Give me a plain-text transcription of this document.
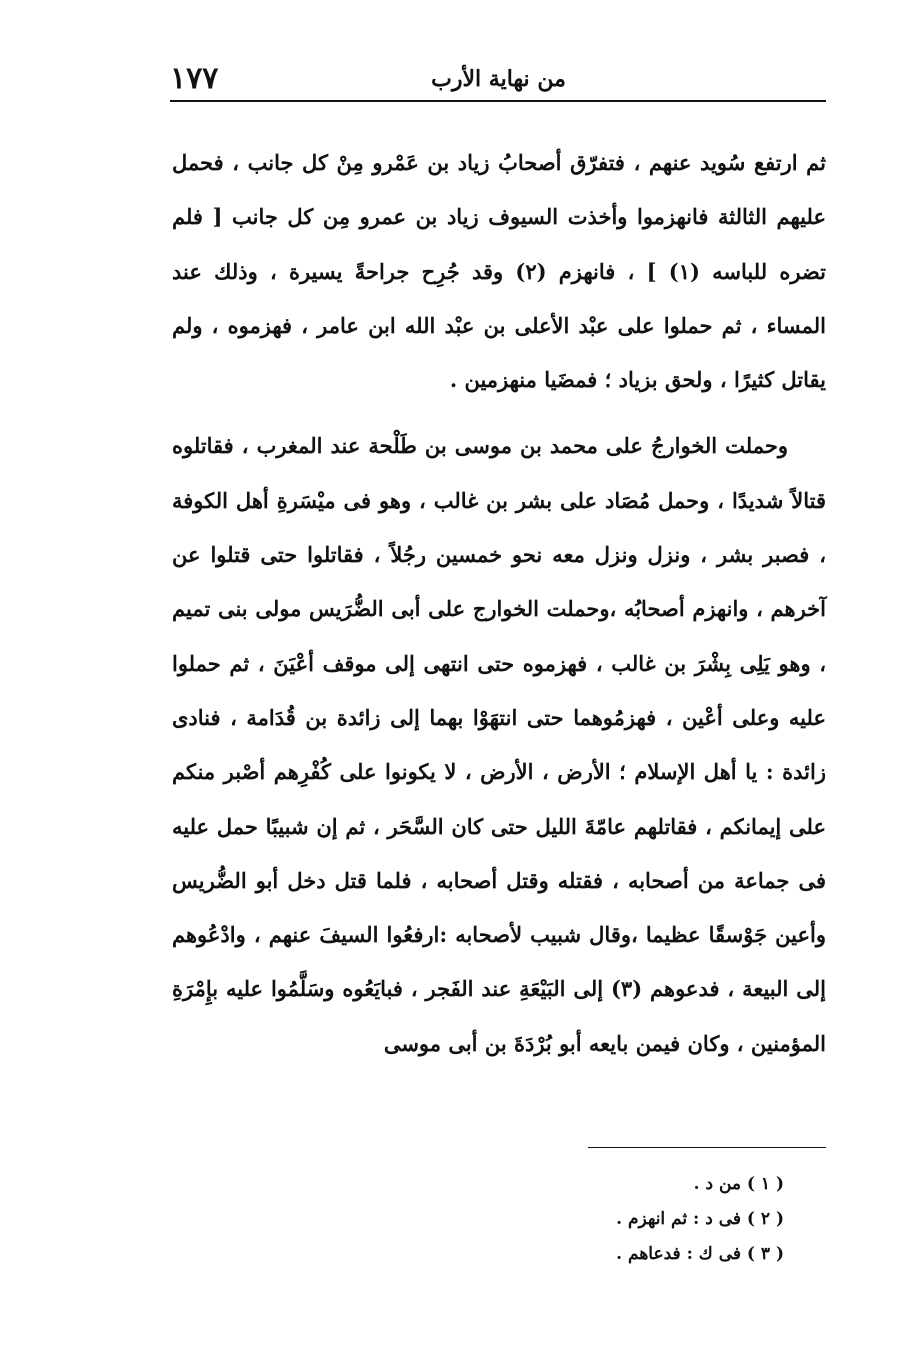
١٧٧	من نهاية الأرب

ثم ارتفع سُويد عنهم ، فتفرّق أصحابُ زياد بن عَمْرو مِنْ كل جانب ، فحمل عليهم الثالثة فانهزموا وأخذت السيوف زياد بن عمرو مِن كل جانب [ فلم تضره للباسه (١) ] ، فانهزم (٢) وقد جُرِح جراحةً يسيرة ، وذلك عند المساء ، ثم حملوا على عبْد الأعلى بن عبْد الله ابن عامر ، فهزموه ، ولم يقاتل كثيرًا ، ولحق بزياد ؛ فمضَيا منهزمين .

وحملت الخوارجُ على محمد بن موسى بن طَلْحة عند المغرب ، فقاتلوه قتالاً شديدًا ، وحمل مُصَاد على بشر بن غالب ، وهو فى ميْسَرةِ أهل الكوفة ، فصبر بشر ، ونزل ونزل معه نحو خمسين رجُلاً ، فقاتلوا حتى قتلوا عن آخرهم ، وانهزم أصحابُه ،وحملت الخوارج على أبى الضُّرَيس مولى بنى تميم ، وهو يَلِى بِشْرَ بن غالب ، فهزموه حتى انتهى إلى موقف أعْيَنَ ، ثم حملوا عليه وعلى أعْين ، فهزمُوهما حتى انتهَوْا بهما إلى زائدة بن قُدَامة ، فنادى زائدة : يا أهل الإسلام ؛ الأرض ، الأرض ، لا يكونوا على كُفْرِهم أصْبر منكم على إيمانكم ، فقاتلهم عامّةَ الليل حتى كان السَّحَر ، ثم إن شبيبًا حمل عليه فى جماعة من أصحابه ، فقتله وقتل أصحابه ، فلما قتل دخل أبو الضُّريس وأعين جَوْسقًا عظيما ،وقال شبيب لأصحابه :ارفعُوا السيفَ عنهم ، وادْعُوهم إلى البيعة ، فدعوهم (٣) إلى البَيْعَةِ عند الفَجر ، فبايَعُوه وسَلَّمُوا عليه بإِمْرَةِ المؤمنين ، وكان فيمن بايعه أبو بُرْدَةَ بن أبى موسى

( ١ ) من د .

( ٢ ) فى د : ثم انهزم .

( ٣ ) فى ك : فدعاهم .
